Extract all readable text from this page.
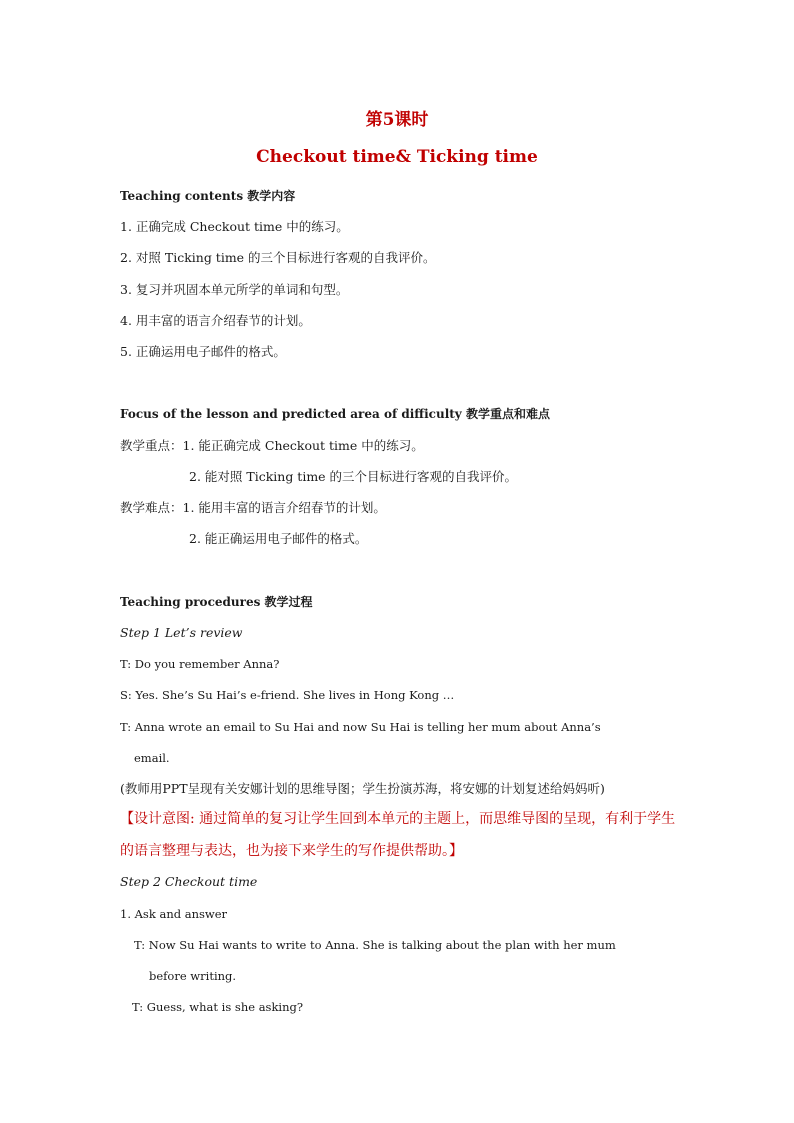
第5课时
Checkout time& Ticking time
Teaching contents 教学内容
1. 正确完成 Checkout time 中的练习。
2. 对照 Ticking time 的三个目标进行客观的自我评价。
3. 复习并巩固本单元所学的单词和句型。
4. 用丰富的语言介绍春节的计划。
5. 正确运用电子邮件的格式。
Focus of the lesson and predicted area of difficulty 教学重点和难点
教学重点：1. 能正确完成 Checkout time 中的练习。
2. 能对照 Ticking time 的三个目标进行客观的自我评价。
教学难点：1. 能用丰富的语言介绍春节的计划。
2. 能正确运用电子邮件的格式。
Teaching procedures 教学过程
Step 1 Let’s review
T: Do you remember Anna?
S: Yes. She’s Su Hai’s e-friend. She lives in Hong Kong …
T: Anna wrote an email to Su Hai and now Su Hai is telling her mum about Anna’s
email.
(教师用PPT呈现有关安娜计划的思维导图；学生扮演苏海，将安娜的计划复述给妈妈听)
【设计意图: 通过简单的复习让学生回到本单元的主题上，而思维导图的呈现，有利于学生
的语言整理与表达，也为接下来学生的写作提供帮助。】
Step 2 Checkout time
1. Ask and answer
T: Now Su Hai wants to write to Anna. She is talking about the plan with her mum
before writing.
T: Guess, what is she asking?
